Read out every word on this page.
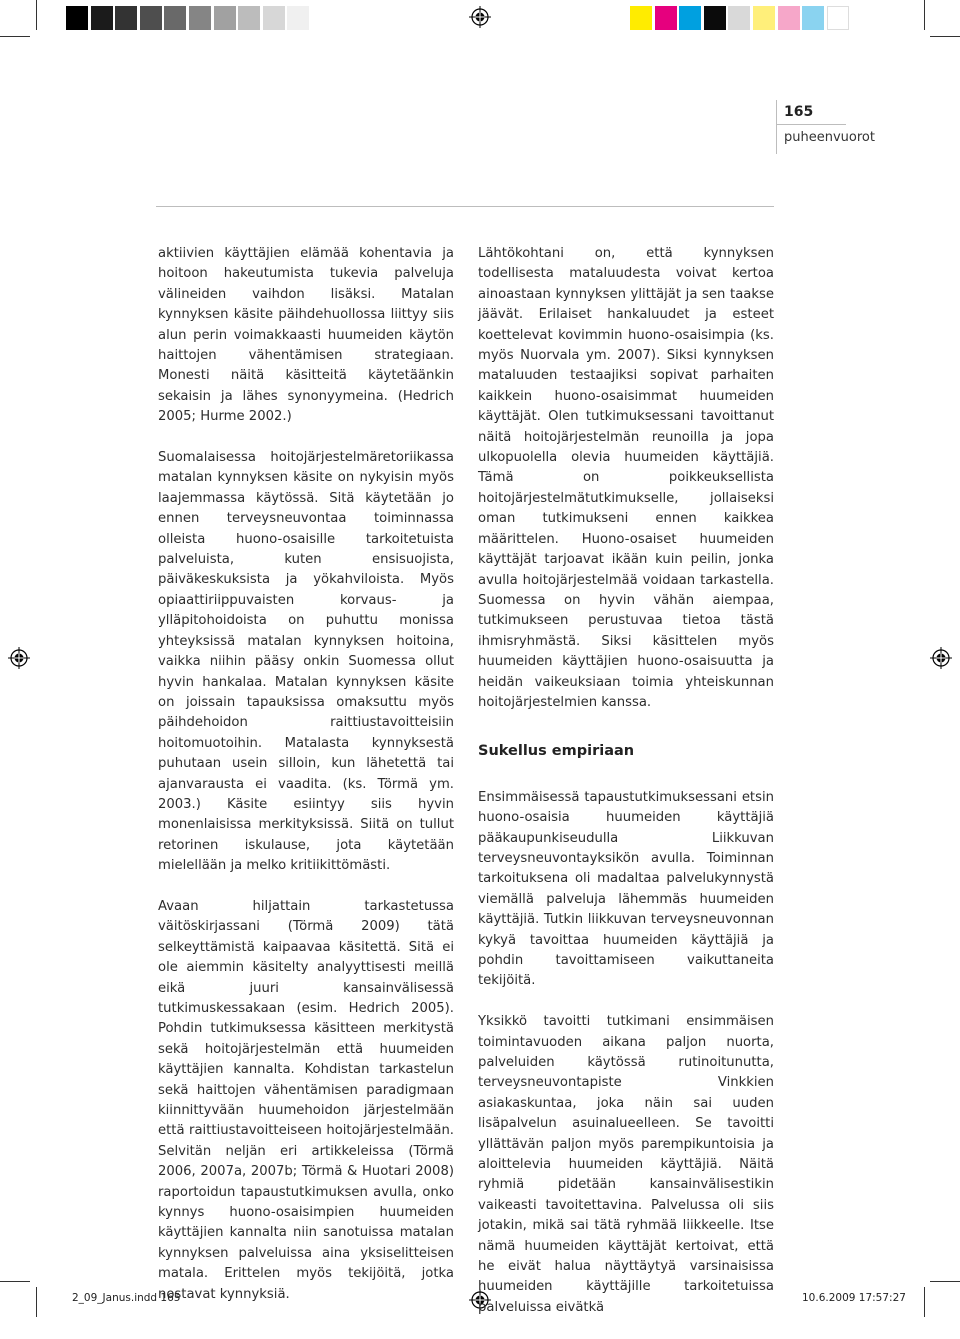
165
puheenvuorot

aktiivien käyttäjien elämää kohentavia ja hoitoon hakeutumista tukevia palveluja välineiden vaihdon lisäksi. Matalan kynnyksen käsite päihdehuollossa liittyy siis alun perin voimakkaasti huumeiden käytön haittojen vähentämisen strategiaan. Monesti näitä käsitteitä käytetäänkin sekaisin ja lähes synonyymeina. (Hedrich 2005; Hurme 2002.)

Suomalaisessa hoitojärjestelmäretoriikassa matalan kynnyksen käsite on nykyisin myös laajemmassa käytössä. Sitä käytetään jo ennen terveysneuvontaa toiminnassa olleista huono-osaisille tarkoitetuista palveluista, kuten ensisuojista, päiväkeskuksista ja yökahviloista. Myös opiaattiriippuvaisten korvaus- ja ylläpitohoidoista on puhuttu monissa yhteyksissä matalan kynnyksen hoitoina, vaikka niihin pääsy onkin Suomessa ollut hyvin hankalaa. Matalan kynnyksen käsite on joissain tapauksissa omaksuttu myös päihdehoidon raittiustavoitteisiin hoitomuotoihin. Matalasta kynnyksestä puhutaan usein silloin, kun lähetettä tai ajanvarausta ei vaadita. (ks. Törmä ym. 2003.) Käsite esiintyy siis hyvin monenlaisissa merkityksissä. Siitä on tullut retorinen iskulause, jota käytetään mielellään ja melko kritiikittömästi.

Avaan hiljattain tarkastetussa väitöskirjassani (Törmä 2009) tätä selkeyttämistä kaipaavaa käsitettä. Sitä ei ole aiemmin käsitelty analyyttisesti meillä eikä juuri kansainvälisessä tutkimuskessakaan (esim. Hedrich 2005). Pohdin tutkimuksessa käsitteen merkitystä sekä hoitojärjestelmän että huumeiden käyttäjien kannalta. Kohdistan tarkastelun sekä haittojen vähentämisen paradigmaan kiinnittyvään huumehoidon järjestelmään että raittiustavoitteiseen hoitojärjestelmään. Selvitän neljän eri artikkeleissa (Törmä 2006, 2007a, 2007b; Törmä & Huotari 2008) raportoidun tapaustutkimuksen avulla, onko kynnys huono-osaisimpien huumeiden käyttäjien kannalta niin sanotuissa matalan kynnyksen palveluissa aina yksiselitteisen matala. Erittelen myös tekijöitä, jotka nostavat kynnyksiä.

Lähtökohtani on, että kynnyksen todellisesta mataluudesta voivat kertoa ainoastaan kynnyksen ylittäjät ja sen taakse jäävät. Erilaiset hankaluudet ja esteet koettelevat kovimmin huono-osaisimpia (ks. myös Nuorvala ym. 2007). Siksi kynnyksen mataluuden testaajiksi sopivat parhaiten kaikkein huono-osaisimmat huumeiden käyttäjät. Olen tutkimuksessani tavoittanut näitä hoitojärjestelmän reunoilla ja jopa ulkopuolella olevia huumeiden käyttäjiä. Tämä on poikkeuksellista hoitojärjestelmätutkimukselle, jollaiseksi oman tutkimukseni ennen kaikkea määrittelen. Huono-osaiset huumeiden käyttäjät tarjoavat ikään kuin peilin, jonka avulla hoitojärjestelmää voidaan tarkastella. Suomessa on hyvin vähän aiempaa, tutkimukseen perustuvaa tietoa tästä ihmisryhmästä. Siksi käsittelen myös huumeiden käyttäjien huono-osaisuutta ja heidän vaikeuksiaan toimia yhteiskunnan hoitojärjestelmien kanssa.

Sukellus empiriaan

Ensimmäisessä tapaustutkimuksessani etsin huono-osaisia huumeiden käyttäjiä pääkaupunkiseudulla Liikkuvan terveysneuvontayksikön avulla. Toiminnan tarkoituksena oli madaltaa palvelukynnystä viemällä palveluja lähemmäs huumeiden käyttäjiä. Tutkin liikkuvan terveysneuvonnan kykyä tavoittaa huumeiden käyttäjiä ja pohdin tavoittamiseen vaikuttaneita tekijöitä.

Yksikkö tavoitti tutkimani ensimmäisen toimintavuoden aikana paljon nuorta, palveluiden käytössä rutinoitunutta, terveysneuvontapiste Vinkkien asiakaskuntaa, joka näin sai uuden lisäpalvelun asuinalueelleen. Se tavoitti yllättävän paljon myös parempikuntoisia ja aloittelevia huumeiden käyttäjiä. Näitä ryhmiä pidetään kansainvälisestikin vaikeasti tavoitettavina. Palvelussa oli siis jotakin, mikä sai tätä ryhmää liikkeelle. Itse nämä huumeiden käyttäjät kertoivat, että he eivät halua näyttäytyä varsinaisissa huumeiden käyttäjille tarkoitetuissa palveluissa eivätkä

2_09_Janus.indd 165	10.6.2009 17:57:27
